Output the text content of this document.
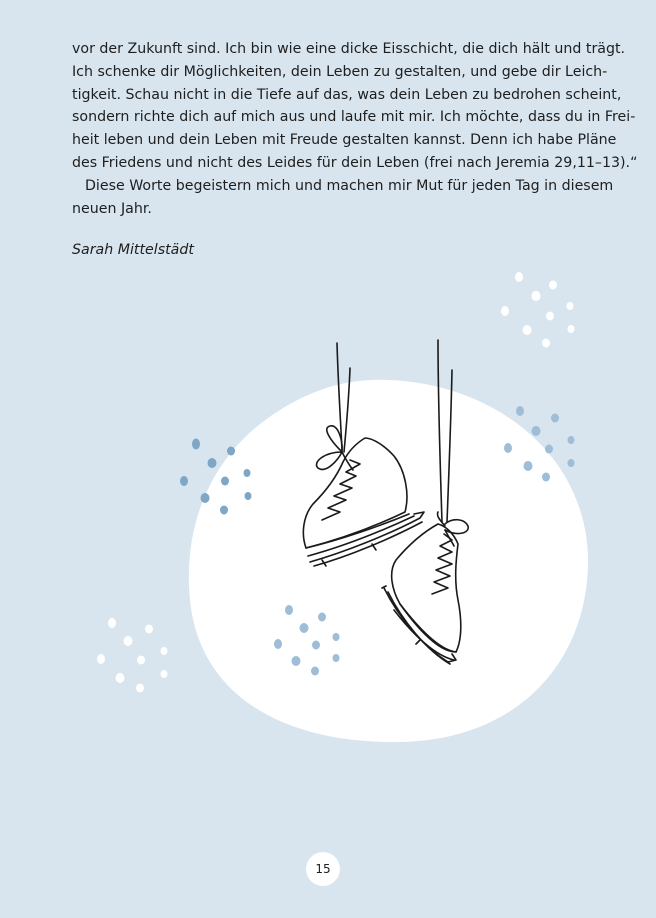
vor der Zukunft sind. Ich bin wie eine dicke Eisschicht, die dich hält und trägt.
Ich schenke dir Möglichkeiten, dein Leben zu gestalten, und gebe dir Leich-
tigkeit. Schau nicht in die Tiefe auf das, was dein Leben zu bedrohen scheint,
sondern richte dich auf mich aus und laufe mit mir. Ich möchte, dass du in Frei-
heit leben und dein Leben mit Freude gestalten kannst. Denn ich habe Pläne
des Friedens und nicht des Leides für dein Leben (frei nach Jeremia 29,11–13).“

Diese Worte begeistern mich und machen mir Mut für jeden Tag in diesem
neuen Jahr.

Sarah Mittelstädt
15
